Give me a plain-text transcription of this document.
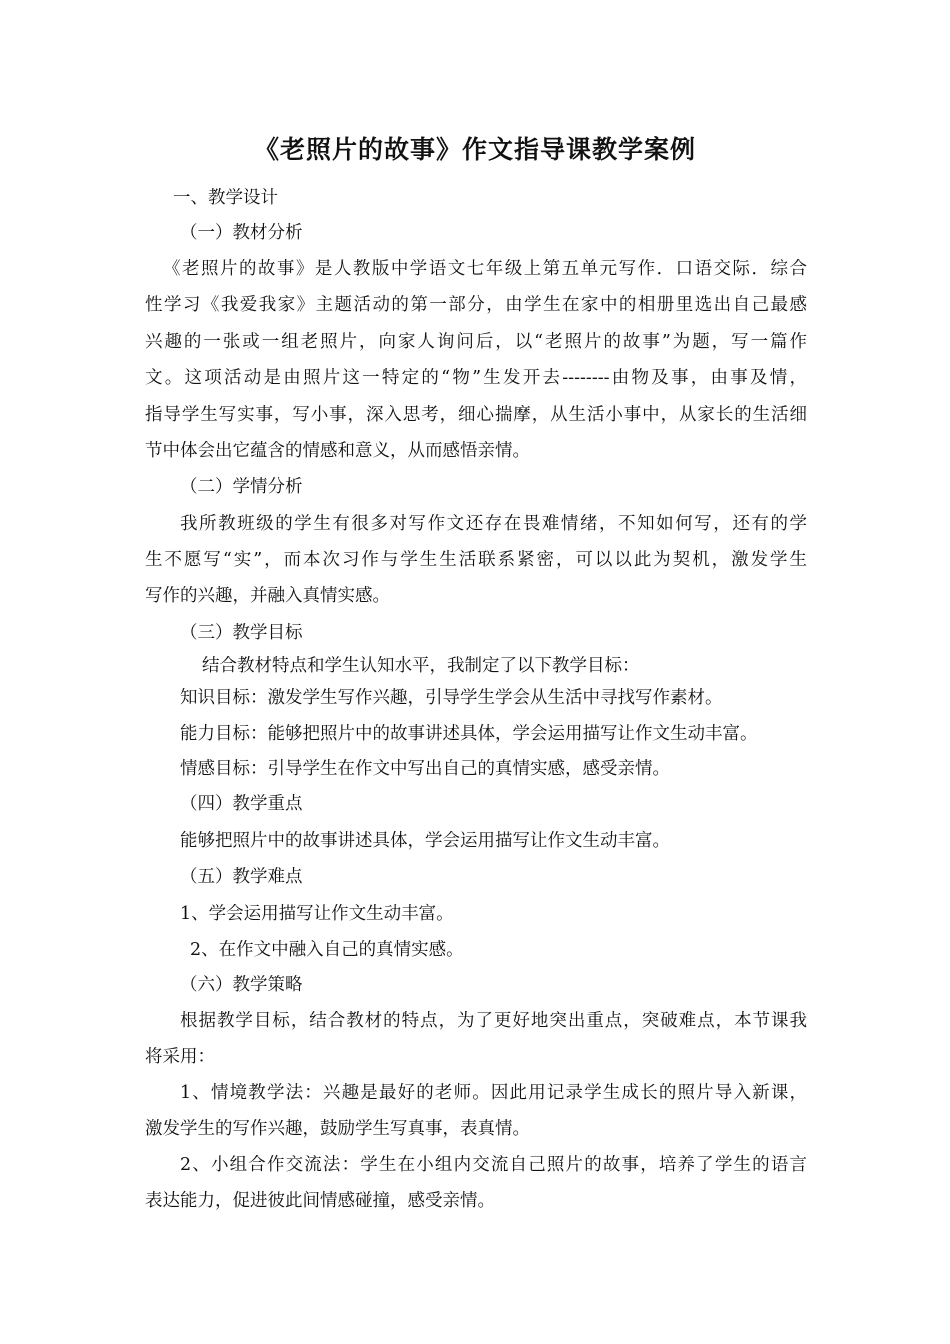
《老照片的故事》作文指导课教学案例

一、教学设计

（一）教材分析

《老照片的故事》是人教版中学语文七年级上第五单元写作．口语交际．综合

性学习《我爱我家》主题活动的第一部分，由学生在家中的相册里选出自己最感

兴趣的一张或一组老照片，向家人询问后，以“老照片的故事”为题，写一篇作

文。这项活动是由照片这一特定的“物”生发开去--------由物及事，由事及情，

指导学生写实事，写小事，深入思考，细心揣摩，从生活小事中，从家长的生活细

节中体会出它蕴含的情感和意义，从而感悟亲情。

（二）学情分析

我所教班级的学生有很多对写作文还存在畏难情绪，不知如何写，还有的学

生不愿写“实”，而本次习作与学生生活联系紧密，可以以此为契机，激发学生

写作的兴趣，并融入真情实感。

（三）教学目标

结合教材特点和学生认知水平，我制定了以下教学目标：

知识目标：激发学生写作兴趣，引导学生学会从生活中寻找写作素材。

能力目标：能够把照片中的故事讲述具体，学会运用描写让作文生动丰富。

情感目标：引导学生在作文中写出自己的真情实感，感受亲情。

（四）教学重点

能够把照片中的故事讲述具体，学会运用描写让作文生动丰富。

（五）教学难点

1、学会运用描写让作文生动丰富。

2、在作文中融入自己的真情实感。

（六）教学策略

根据教学目标，结合教材的特点，为了更好地突出重点，突破难点，本节课我

将采用：

1、情境教学法：兴趣是最好的老师。因此用记录学生成长的照片导入新课，

激发学生的写作兴趣，鼓励学生写真事，表真情。

2、小组合作交流法：学生在小组内交流自己照片的故事，培养了学生的语言

表达能力，促进彼此间情感碰撞，感受亲情。
